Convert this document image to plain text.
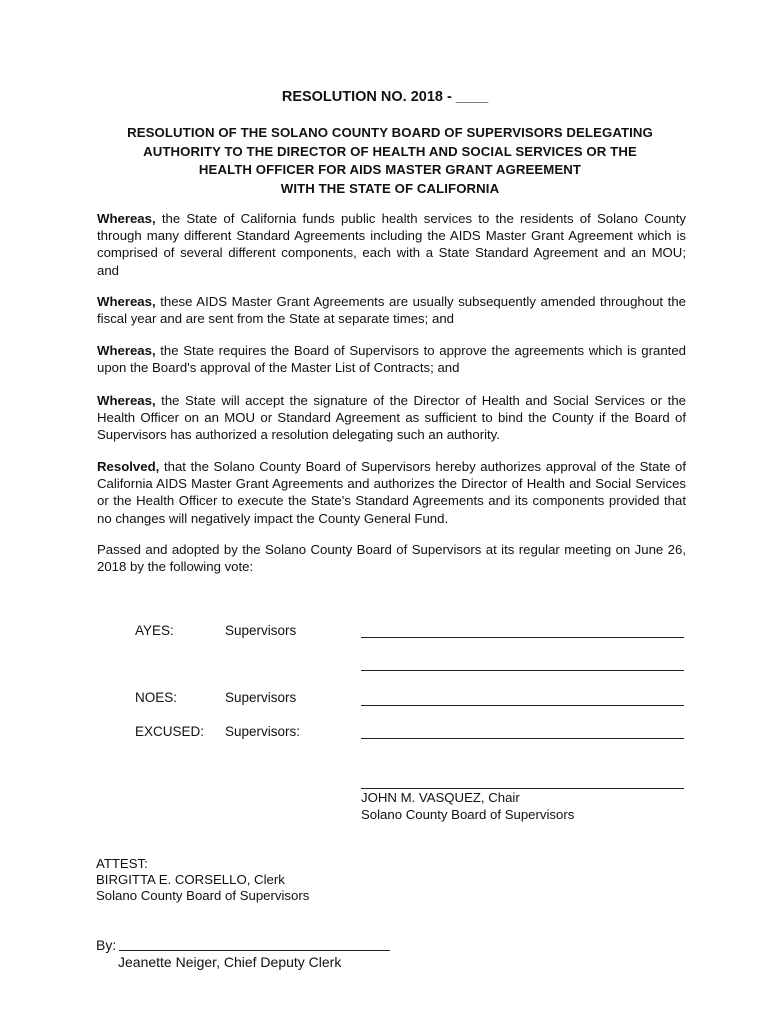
RESOLUTION NO. 2018 - ____
RESOLUTION OF THE SOLANO COUNTY BOARD OF SUPERVISORS DELEGATING
AUTHORITY TO THE DIRECTOR OF HEALTH AND SOCIAL SERVICES OR THE
HEALTH OFFICER FOR AIDS MASTER GRANT AGREEMENT
WITH THE STATE OF CALIFORNIA
Whereas, the State of California funds public health services to the residents of Solano County through many different Standard Agreements including the AIDS Master Grant Agreement which is comprised of several different components, each with a State Standard Agreement and an MOU; and
Whereas, these AIDS Master Grant Agreements are usually subsequently amended throughout the fiscal year and are sent from the State at separate times; and
Whereas, the State requires the Board of Supervisors to approve the agreements which is granted upon the Board's approval of the Master List of Contracts; and
Whereas, the State will accept the signature of the Director of Health and Social Services or the Health Officer on an MOU or Standard Agreement as sufficient to bind the County if the Board of Supervisors has authorized a resolution delegating such an authority.
Resolved, that the Solano County Board of Supervisors hereby authorizes approval of the State of California AIDS Master Grant Agreements and authorizes the Director of Health and Social Services or the Health Officer to execute the State's Standard Agreements and its components provided that no changes will negatively impact the County General Fund.
Passed and adopted by the Solano County Board of Supervisors at its regular meeting on June 26, 2018 by the following vote:
AYES:	Supervisors
NOES:	Supervisors
EXCUSED: Supervisors:
JOHN M. VASQUEZ, Chair
Solano County Board of Supervisors
ATTEST:
BIRGITTA E. CORSELLO, Clerk
Solano County Board of Supervisors
By:
Jeanette Neiger, Chief Deputy Clerk
